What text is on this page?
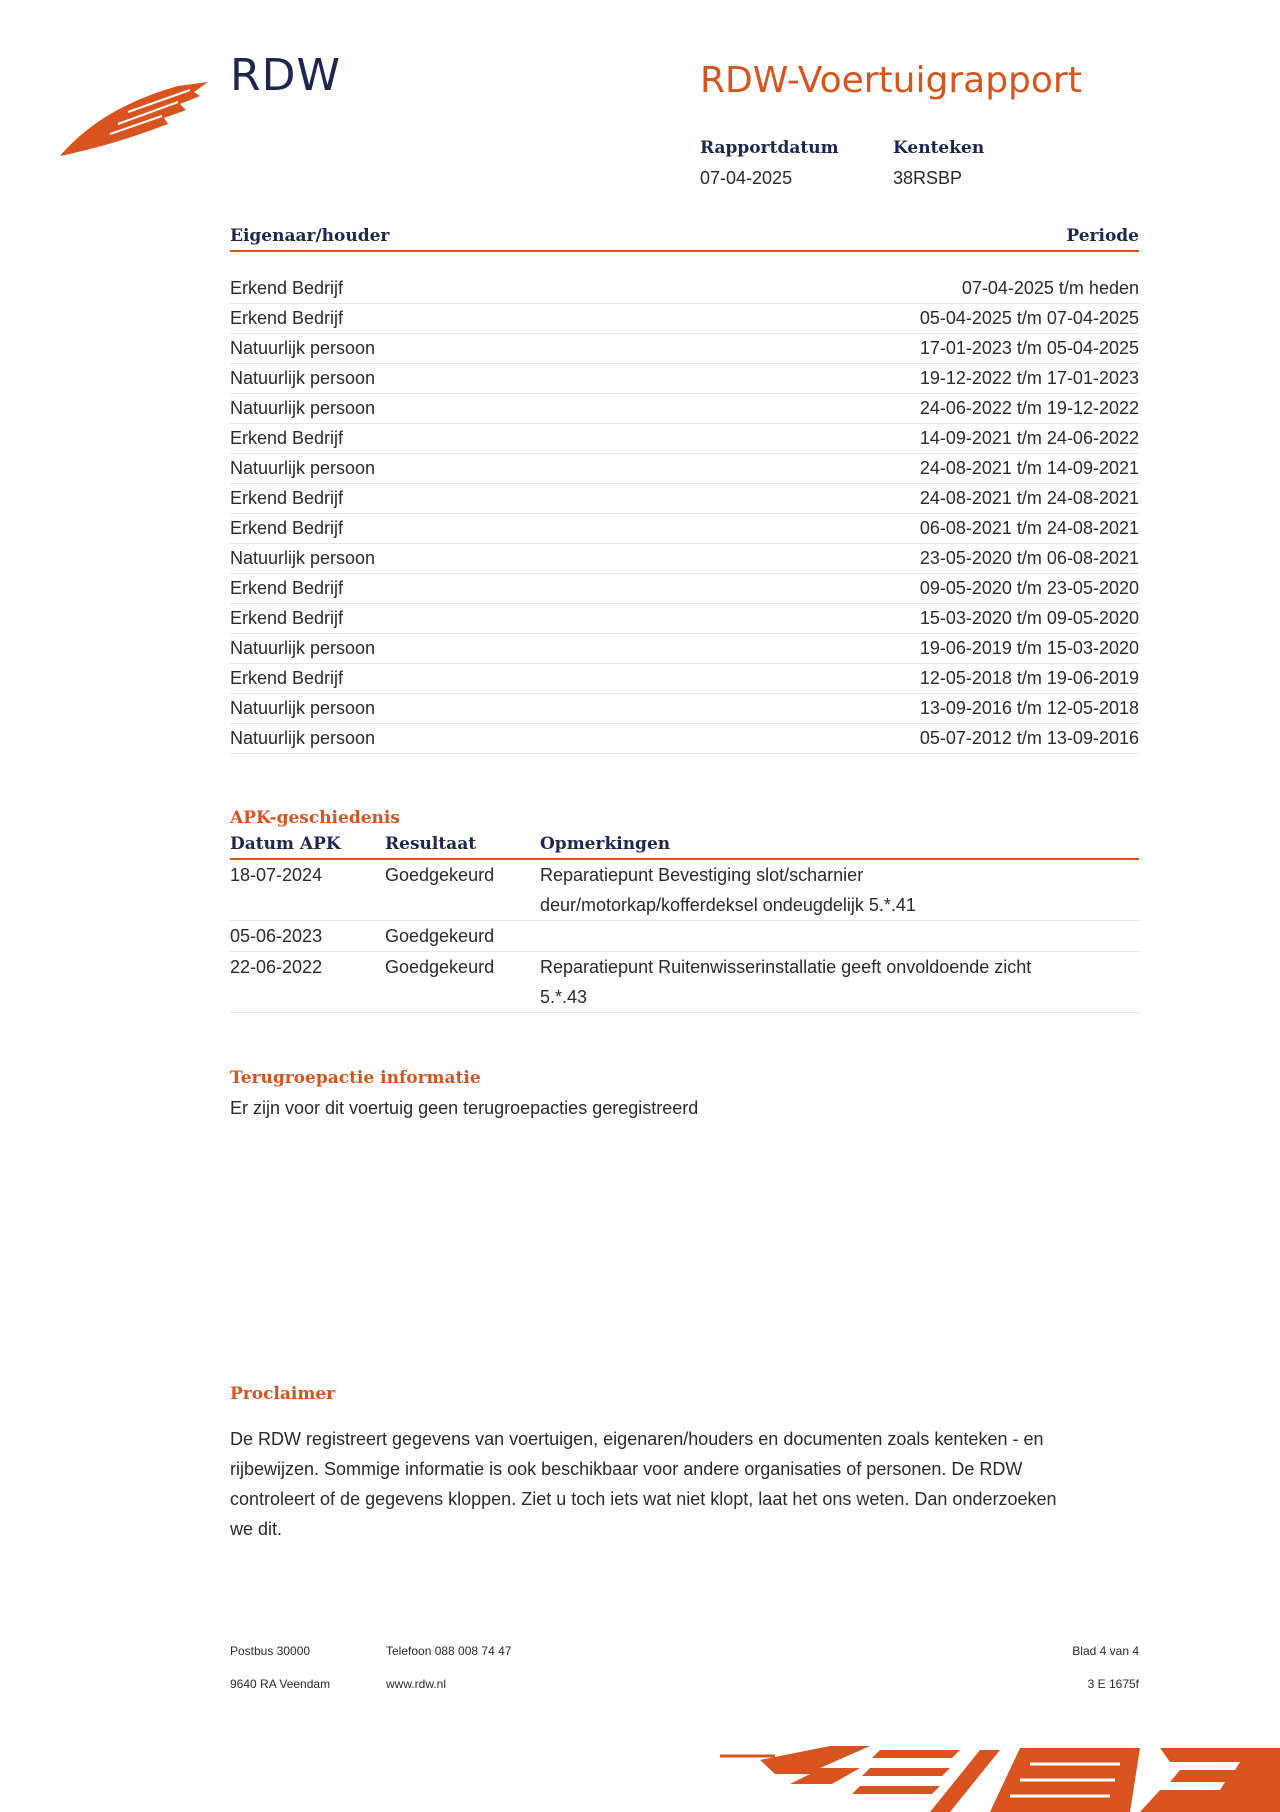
RDW	RDW-Voertuigrapport
Rapportdatum
07-04-2025
Kenteken
38RSBP
Eigenaar/houder	Periode
Erkend Bedrijf	07-04-2025 t/m heden
Erkend Bedrijf	05-04-2025 t/m 07-04-2025
Natuurlijk persoon	17-01-2023 t/m 05-04-2025
Natuurlijk persoon	19-12-2022 t/m 17-01-2023
Natuurlijk persoon	24-06-2022 t/m 19-12-2022
Erkend Bedrijf	14-09-2021 t/m 24-06-2022
Natuurlijk persoon	24-08-2021 t/m 14-09-2021
Erkend Bedrijf	24-08-2021 t/m 24-08-2021
Erkend Bedrijf	06-08-2021 t/m 24-08-2021
Natuurlijk persoon	23-05-2020 t/m 06-08-2021
Erkend Bedrijf	09-05-2020 t/m 23-05-2020
Erkend Bedrijf	15-03-2020 t/m 09-05-2020
Natuurlijk persoon	19-06-2019 t/m 15-03-2020
Erkend Bedrijf	12-05-2018 t/m 19-06-2019
Natuurlijk persoon	13-09-2016 t/m 12-05-2018
Natuurlijk persoon	05-07-2012 t/m 13-09-2016
APK-geschiedenis
Datum APK	Resultaat	Opmerkingen
18-07-2024	Goedgekeurd	Reparatiepunt Bevestiging slot/scharnier
deur/motorkap/kofferdeksel ondeugdelijk 5.*.41
05-06-2023	Goedgekeurd
22-06-2022	Goedgekeurd	Reparatiepunt Ruitenwisserinstallatie geeft onvoldoende zicht
5.*.43
Terugroepactie informatie
Er zijn voor dit voertuig geen terugroepacties geregistreerd
Proclaimer
De RDW registreert gegevens van voertuigen, eigenaren/houders en documenten zoals kenteken - en
rijbewijzen. Sommige informatie is ook beschikbaar voor andere organisaties of personen. De RDW
controleert of de gegevens kloppen. Ziet u toch iets wat niet klopt, laat het ons weten. Dan onderzoeken
we dit.
Postbus 30000
9640 RA Veendam
Telefoon 088 008 74 47
www.rdw.nl
Blad 4 van 4
3 E 1675f
